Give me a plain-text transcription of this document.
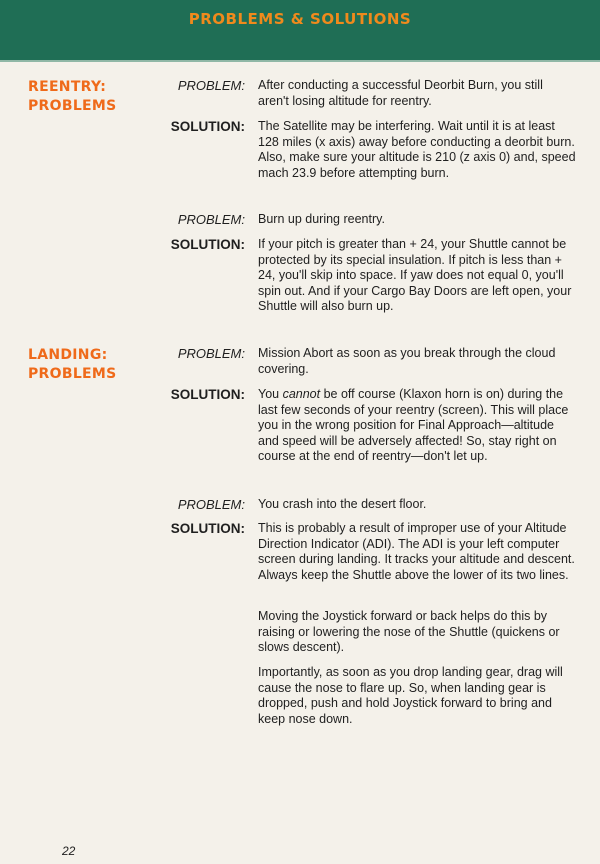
PROBLEMS & SOLUTIONS
REENTRY:
PROBLEMS
PROBLEM: After conducting a successful Deorbit Burn, you still aren't losing altitude for reentry.
SOLUTION: The Satellite may be interfering. Wait until it is at least 128 miles (x axis) away before conducting a deorbit burn. Also, make sure your altitude is 210 (z axis 0) and, speed mach 23.9 before attempting burn.
PROBLEM: Burn up during reentry.
SOLUTION: If your pitch is greater than + 24, your Shuttle cannot be protected by its special insulation. If pitch is less than + 24, you'll skip into space. If yaw does not equal 0, you'll spin out. And if your Cargo Bay Doors are left open, your Shuttle will also burn up.
LANDING:
PROBLEMS
PROBLEM: Mission Abort as soon as you break through the cloud covering.
SOLUTION: You cannot be off course (Klaxon horn is on) during the last few seconds of your reentry (screen). This will place you in the wrong position for Final Approach—altitude and speed will be adversely affected! So, stay right on course at the end of reentry—don't let up.
PROBLEM: You crash into the desert floor.
SOLUTION: This is probably a result of improper use of your Altitude Direction Indicator (ADI). The ADI is your left computer screen during landing. It tracks your altitude and descent. Always keep the Shuttle above the lower of its two lines.
Moving the Joystick forward or back helps do this by raising or lowering the nose of the Shuttle (quickens or slows descent).
Importantly, as soon as you drop landing gear, drag will cause the nose to flare up. So, when landing gear is dropped, push and hold Joystick forward to bring and keep nose down.
22
